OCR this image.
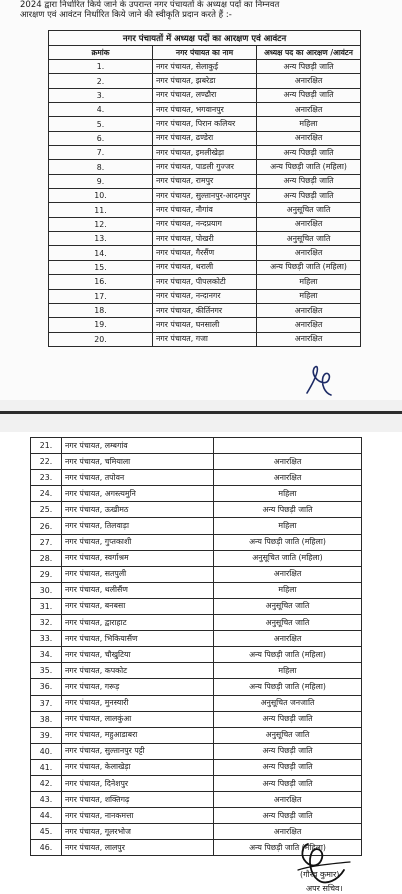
2024 द्वारा निर्धारित किये जाने के उपरान्त नगर पंचायतों के अध्यक्ष पदों का निम्नवत
आरक्षण एवं आवंटन निर्धारित किये जाने की स्वीकृति प्रदान करते हैं :-
नगर पंचायतों में अध्यक्ष पदों का आरक्षण एवं आवंटन		
क्रमांक	नगर पंचायत का नाम	अध्यक्ष पद का आरक्षण /आवंटन
1.	नगर पंचायत, सेलाकुई	अन्य पिछड़ी जाति
2.	नगर पंचायत, झबरेडा	अनारक्षित
3.	नगर पंचायत, लण्ढौरा	अन्य पिछड़ी जाति
4.	नगर पंचायत, भगवानपुर	अनारक्षित
5.	नगर पंचायत, पिरान कलियर	महिला
6.	नगर पंचायत, ढण्डेरा	अनारक्षित
7.	नगर पंचायत, इमलीखेड़ा	अन्य पिछड़ी जाति
8.	नगर पंचायत, पाडली गुज्जर	अन्य पिछड़ी जाति (महिला)
9.	नगर पंचायत, रामपुर	अन्य पिछड़ी जाति
10.	नगर पंचायत, सुल्तानपुर-आदमपुर	अन्य पिछड़ी जाति
11.	नगर पंचायत, नौगांव	अनुसूचित जाति
12.	नगर पंचायत, नन्दप्रयाग	अनारक्षित
13.	नगर पंचायत, पोखरी	अनुसूचित जाति
14.	नगर पंचायत, गैरसैंण	अनारक्षित
15.	नगर पंचायत, थराली	अन्य पिछड़ी जाति (महिला)
16.	नगर पंचायत, पीपलकोटी	महिला
17.	नगर पंचायत, नन्दानगर	महिला
18.	नगर पंचायत, कीर्तिनगर	अनारक्षित
19.	नगर पंचायत, घनसाली	अनारक्षित
20.	नगर पंचायत, गजा	अनारक्षित
21.	नगर पंचायत, लम्बगांव	
22.	नगर पंचायत, चमियाला	अनारक्षित
23.	नगर पंचायत, तपोवन	अनारक्षित
24.	नगर पंचायत, अगस्त्यमुनि	महिला
25.	नगर पंचायत, ऊखीमठ	अन्य पिछड़ी जाति
26.	नगर पंचायत, तिलवाड़ा	महिला
27.	नगर पंचायत, गुप्तकाशी	अन्य पिछड़ी जाति (महिला)
28.	नगर पंचायत, स्वर्गाश्रम	अनुसूचित जाति (महिला)
29.	नगर पंचायत, सतपुली	अनारक्षित
30.	नगर पंचायत, थलीसैंण	महिला
31.	नगर पंचायत, बनबसा	अनुसूचित जाति
32.	नगर पंचायत, द्वाराहाट	अनुसूचित जाति
33.	नगर पंचायत, भिकियासैंण	अनारक्षित
34.	नगर पंचायत, चौखुटिया	अन्य पिछड़ी जाति (महिला)
35.	नगर पंचायत, कपकोट	महिला
36.	नगर पंचायत, गरूड़	अन्य पिछड़ी जाति (महिला)
37.	नगर पंचायत, मुनस्यारी	अनुसूचित जनजाति
38.	नगर पंचायत, लालकुंआ	अन्य पिछड़ी जाति
39.	नगर पंचायत, महुआडाबरा	अनुसूचित जाति
40.	नगर पंचायत, सुल्तानपुर पट्टी	अन्य पिछड़ी जाति
41.	नगर पंचायत, केलाखेड़ा	अन्य पिछड़ी जाति
42.	नगर पंचायत, दिनेशपुर	अन्य पिछड़ी जाति
43.	नगर पंचायत, शक्तिगढ़	अनारक्षित
44.	नगर पंचायत, नानकमत्ता	अन्य पिछड़ी जाति
45.	नगर पंचायत, गूलरभोज	अनारक्षित
46.	नगर पंचायत, लालपुर	अन्य पिछड़ी जाति (महिला)
(गौरव कुमार)
अपर सचिव।
